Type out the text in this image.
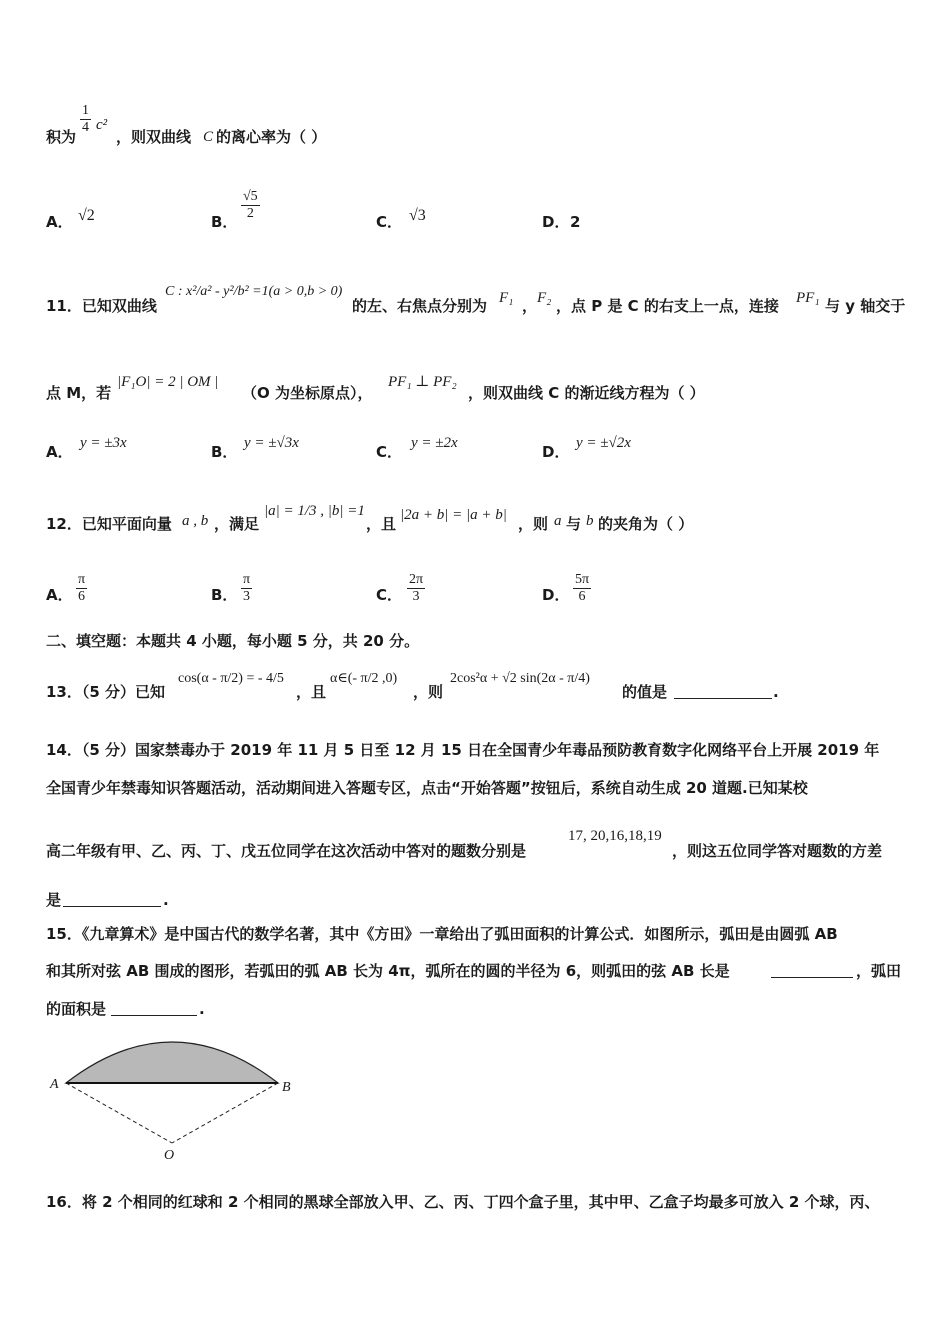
积为
$\frac{1}{4} c^2$
，则双曲线 C 的离心率为（ ）
A． √2	B． $\frac{√5}{2}$	C． √3	D． 2
11．已知双曲线
C : x²/a² - y²/b² =1(a > 0,b > 0)
的左、右焦点分别为 F₁ ， F₂ ，点 P 是 C 的右支上一点，连接 PF₁ 与 y 轴交于
点 M，若
|F₁O| = 2 | OM |
（O 为坐标原点），
PF₁ ⊥ PF₂
，则双曲线 C 的渐近线方程为（ ）
A． y = ±3x	B． y = ±√3x	C． y = ±2x	D． y = ±√2x
12．已知平面向量 a , b ，满足
|a| = 1/3 , |b| =1
，且 |2a + b| = |a + b| ，则 a 与 b 的夹角为（ ）
A． $\frac{\pi}{6}$	B． $\frac{\pi}{3}$	C． $\frac{2\pi}{3}$	D． $\frac{5\pi}{6}$
二、填空题：本题共 4 小题，每小题 5 分，共 20 分。
13．（5 分）已知
cos(α - π/2) = - 4/5
，且
α∈(- π/2 ,0)
，则
2cos²α + √2 sin(2α - π/4)
的值是	.
14．（5 分）国家禁毒办于 2019 年 11 月 5 日至 12 月 15 日在全国青少年毒品预防教育数字化网络平台上开展 2019 年
全国青少年禁毒知识答题活动，活动期间进入答题专区，点击“开始答题”按钮后，系统自动生成 20 道题.已知某校
高二年级有甲、乙、丙、丁、戊五位同学在这次活动中答对的题数分别是
17, 20,16,18,19
，则这五位同学答对题数的方差
是	.
15．《九章算术》是中国古代的数学名著，其中《方田》一章给出了弧田面积的计算公式．如图所示，弧田是由圆弧 AB
和其所对弦 AB 围成的图形，若弧田的弧 AB 长为 4π，弧所在的圆的半径为 6，则弧田的弦 AB 长是	，弧田
的面积是	.
A	B
O
16．将 2 个相同的红球和 2 个相同的黑球全部放入甲、乙、丙、丁四个盒子里，其中甲、乙盒子均最多可放入 2 个球，丙、
